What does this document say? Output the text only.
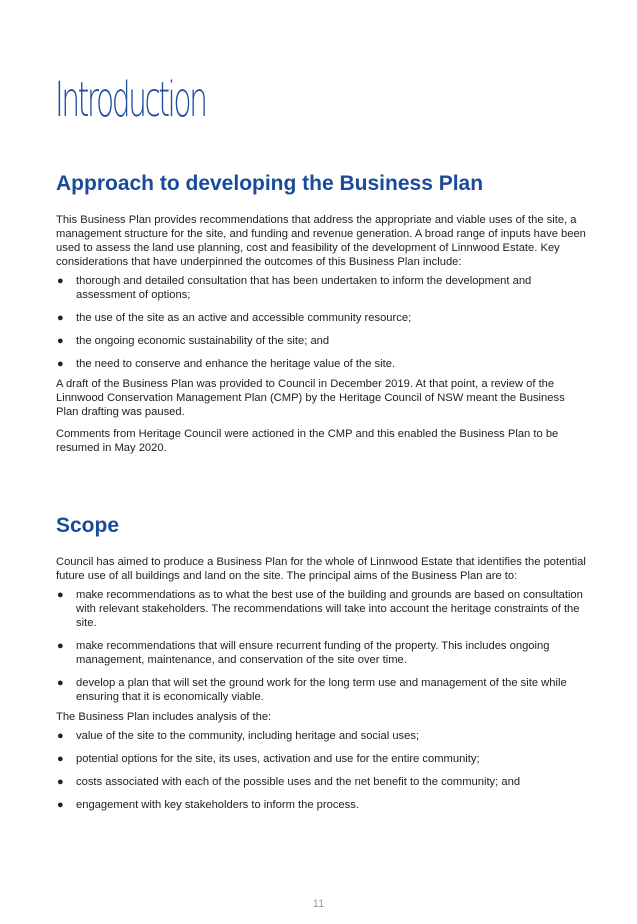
Introduction
Approach to developing the Business Plan

This Business Plan provides recommendations that address the appropriate and viable uses of the site, a management structure for the site, and funding and revenue generation. A broad range of inputs have been used to assess the land use planning, cost and feasibility of the development of Linnwood Estate. Key considerations that have underpinned the outcomes of this Business Plan include:

● thorough and detailed consultation that has been undertaken to inform the development and assessment of options;
● the use of the site as an active and accessible community resource;
● the ongoing economic sustainability of the site; and
● the need to conserve and enhance the heritage value of the site.

A draft of the Business Plan was provided to Council in December 2019. At that point, a review of the Linnwood Conservation Management Plan (CMP) by the Heritage Council of NSW meant the Business Plan drafting was paused.

Comments from Heritage Council were actioned in the CMP and this enabled the Business Plan to be resumed in May 2020.

Scope

Council has aimed to produce a Business Plan for the whole of Linnwood Estate that identifies the potential future use of all buildings and land on the site. The principal aims of the Business Plan are to:

● make recommendations as to what the best use of the building and grounds are based on consultation with relevant stakeholders. The recommendations will take into account the heritage constraints of the site.
● make recommendations that will ensure recurrent funding of the property. This includes ongoing management, maintenance, and conservation of the site over time.
● develop a plan that will set the ground work for the long term use and management of the site while ensuring that it is economically viable.

The Business Plan includes analysis of the:

● value of the site to the community, including heritage and social uses;
● potential options for the site, its uses, activation and use for the entire community;
● costs associated with each of the possible uses and the net benefit to the community; and
● engagement with key stakeholders to inform the process.
11
